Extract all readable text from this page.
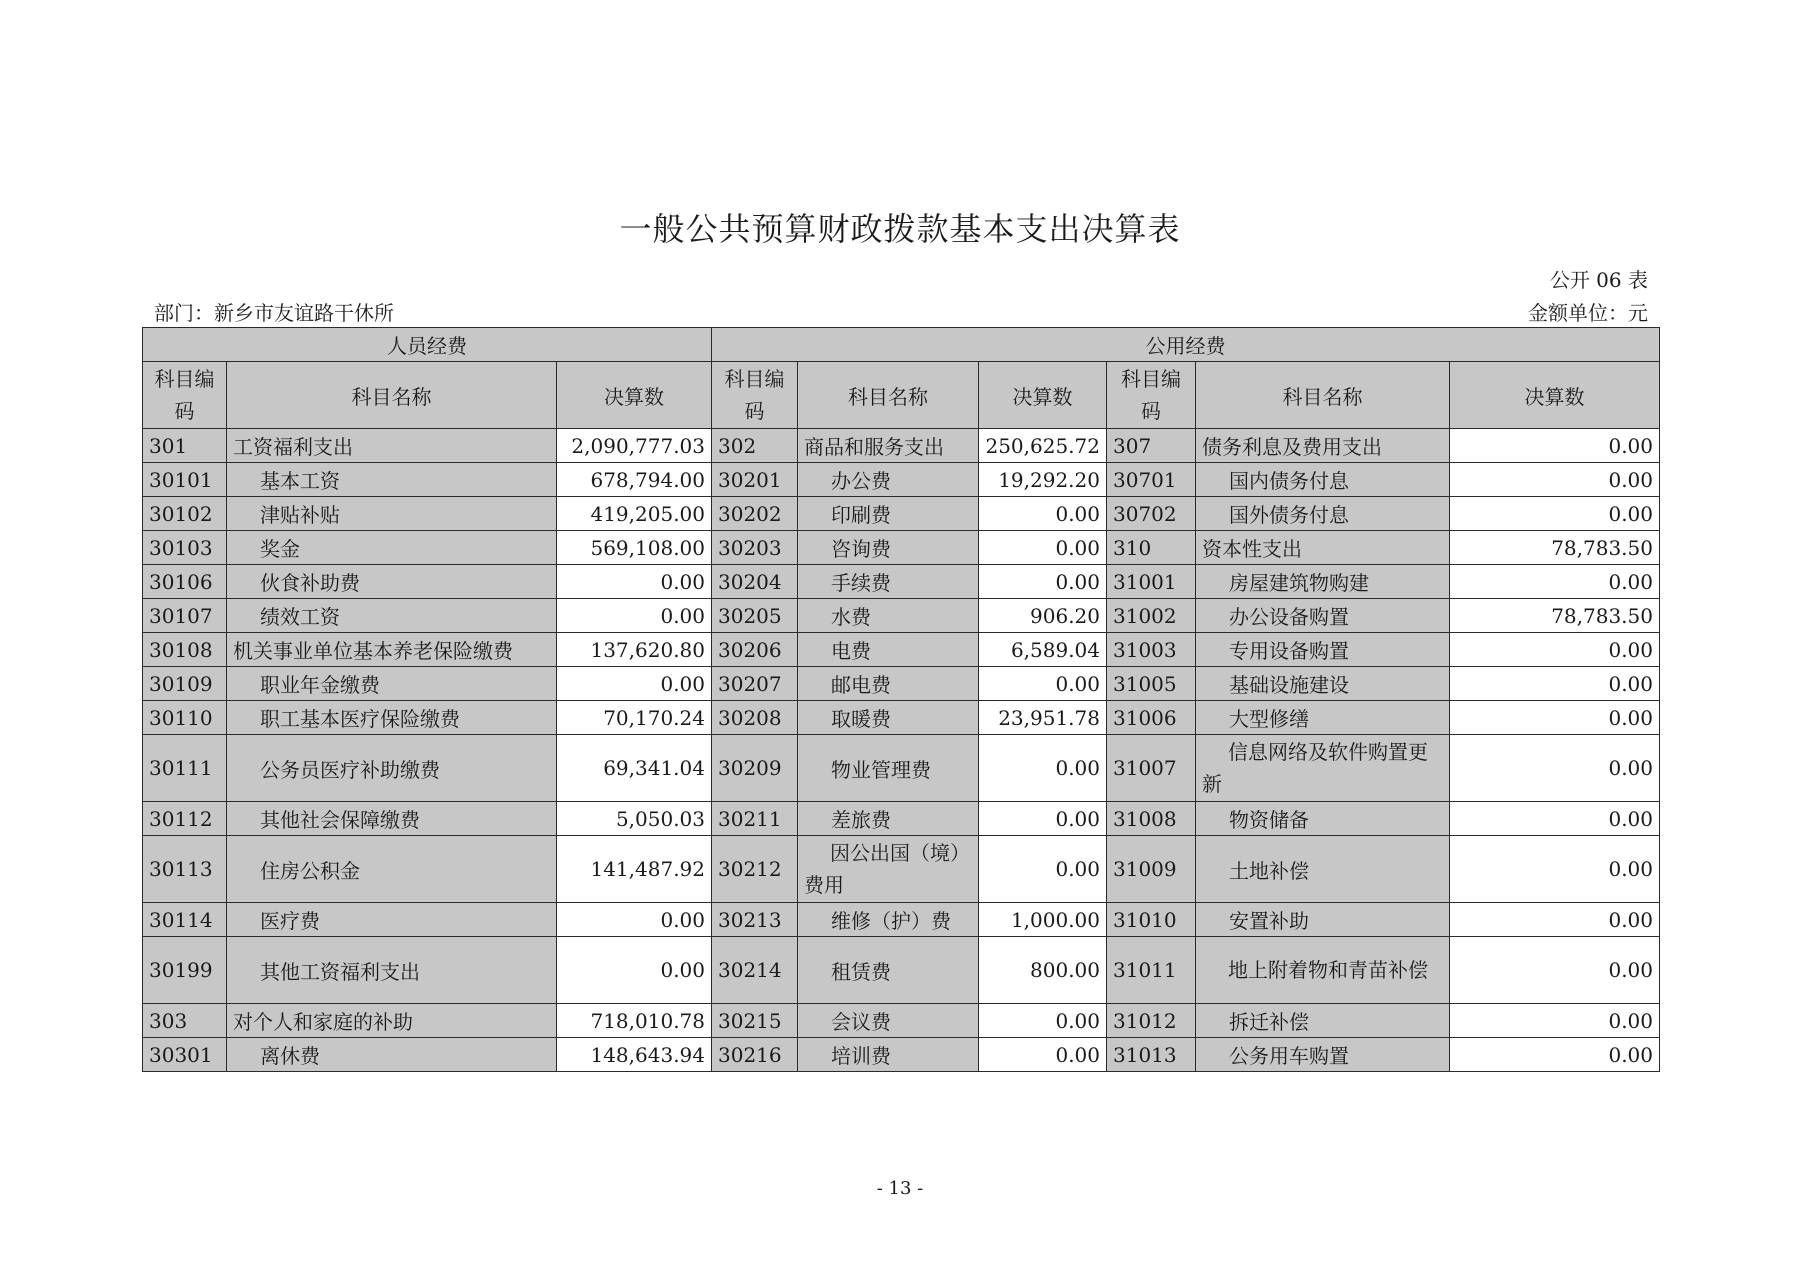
一般公共预算财政拨款基本支出决算表
公开 06 表
部门：新乡市友谊路干休所	金额单位：元
人员经费			公用经费					
科目编码	科目名称	决算数	科目编码	科目名称	决算数	科目编码	科目名称	决算数
301	工资福利支出	2,090,777.03	302	商品和服务支出	250,625.72	307	债务利息及费用支出	0.00
30101	基本工资	678,794.00	30201	办公费	19,292.20	30701	国内债务付息	0.00
30102	津贴补贴	419,205.00	30202	印刷费	0.00	30702	国外债务付息	0.00
30103	奖金	569,108.00	30203	咨询费	0.00	310	资本性支出	78,783.50
30106	伙食补助费	0.00	30204	手续费	0.00	31001	房屋建筑物购建	0.00
30107	绩效工资	0.00	30205	水费	906.20	31002	办公设备购置	78,783.50
30108	机关事业单位基本养老保险缴费	137,620.80	30206	电费	6,589.04	31003	专用设备购置	0.00
30109	职业年金缴费	0.00	30207	邮电费	0.00	31005	基础设施建设	0.00
30110	职工基本医疗保险缴费	70,170.24	30208	取暖费	23,951.78	31006	大型修缮	0.00
30111	公务员医疗补助缴费	69,341.04	30209	物业管理费	0.00	31007	信息网络及软件购置更新	0.00
30112	其他社会保障缴费	5,050.03	30211	差旅费	0.00	31008	物资储备	0.00
30113	住房公积金	141,487.92	30212	因公出国（境）费用	0.00	31009	土地补偿	0.00
30114	医疗费	0.00	30213	维修（护）费	1,000.00	31010	安置补助	0.00
30199	其他工资福利支出	0.00	30214	租赁费	800.00	31011	地上附着物和青苗补偿	0.00
303	对个人和家庭的补助	718,010.78	30215	会议费	0.00	31012	拆迁补偿	0.00
30301	离休费	148,643.94	30216	培训费	0.00	31013	公务用车购置	0.00
- 13 -
